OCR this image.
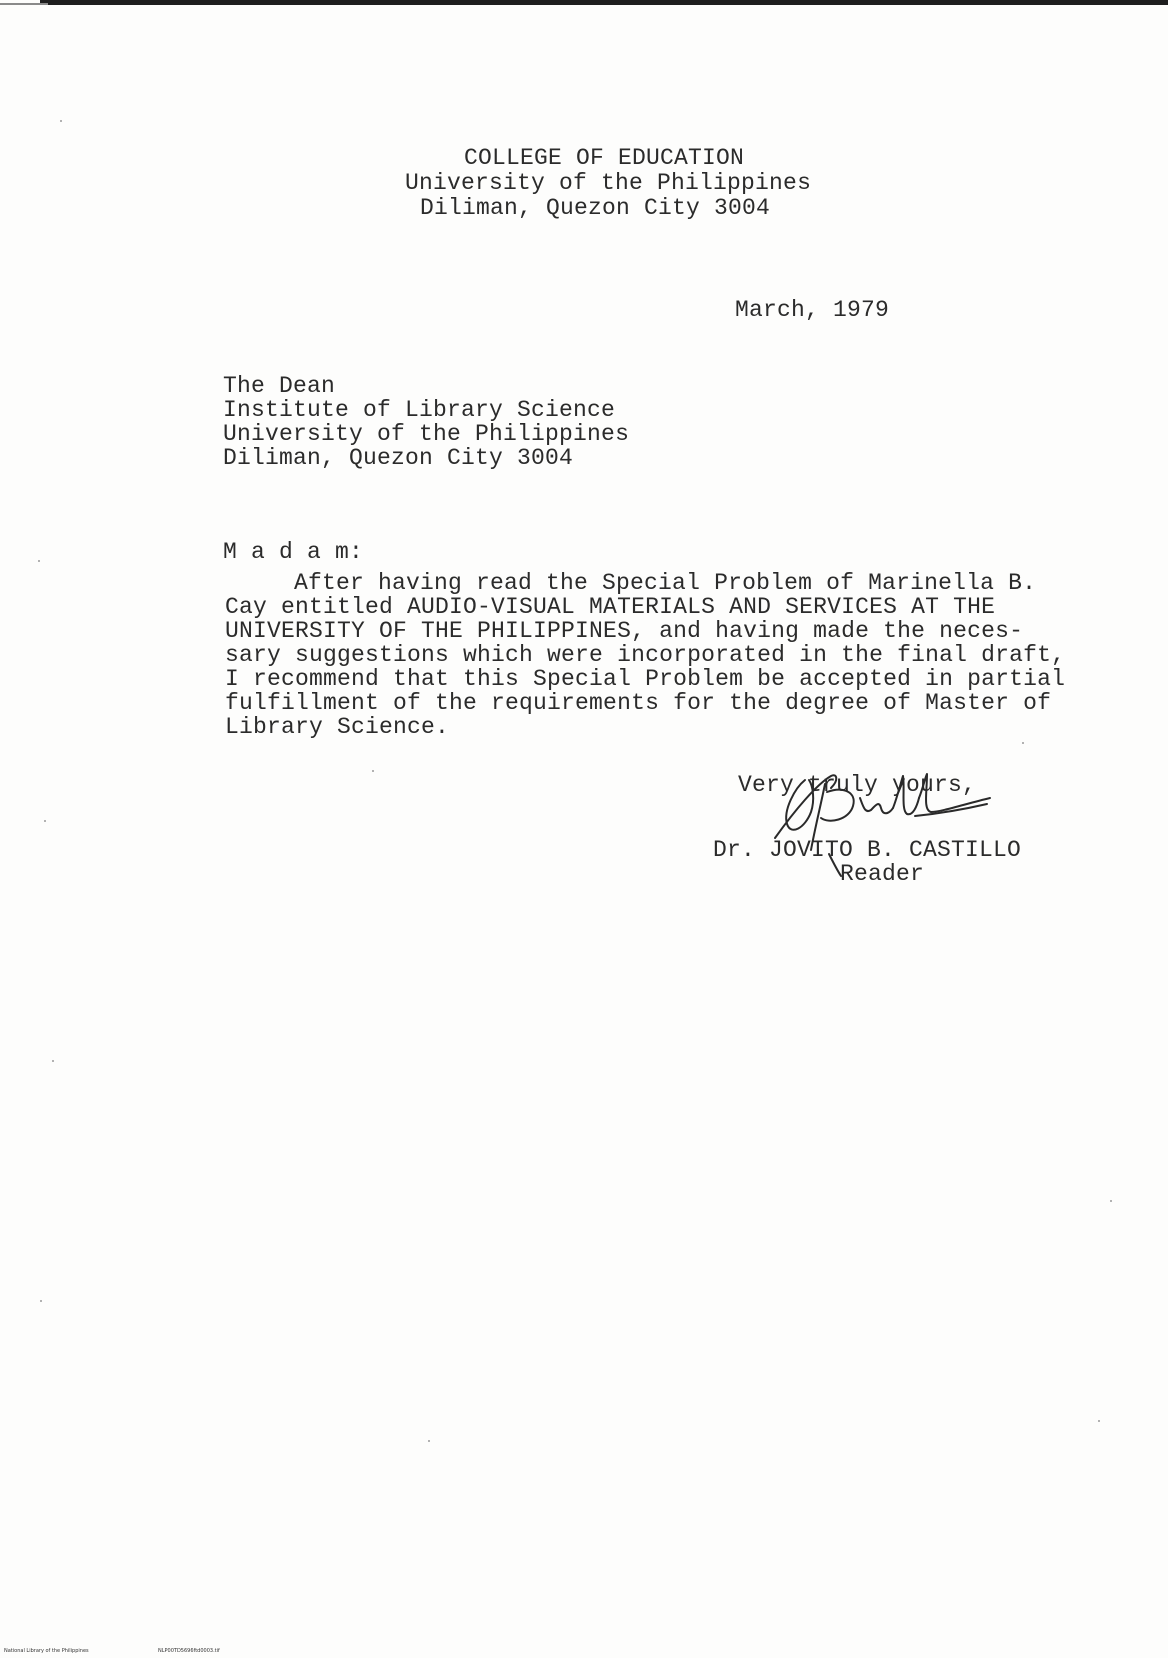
COLLEGE OF EDUCATION
University of the Philippines
Diliman, Quezon City 3004
March, 1979
The Dean
Institute of Library Science
University of the Philippines
Diliman, Quezon City 3004
M a d a m:
After having read the Special Problem of Marinella B.
Cay entitled AUDIO-VISUAL MATERIALS AND SERVICES AT THE
UNIVERSITY OF THE PHILIPPINES, and having made the neces-
sary suggestions which were incorporated in the final draft,
I recommend that this Special Problem be accepted in partial
fulfillment of the requirements for the degree of Master of
Library Science.
Very truly yours,
Dr. JOVITO B. CASTILLO
Reader
National Library of the Philippines	NLP00TD5696ftd0003.tif
